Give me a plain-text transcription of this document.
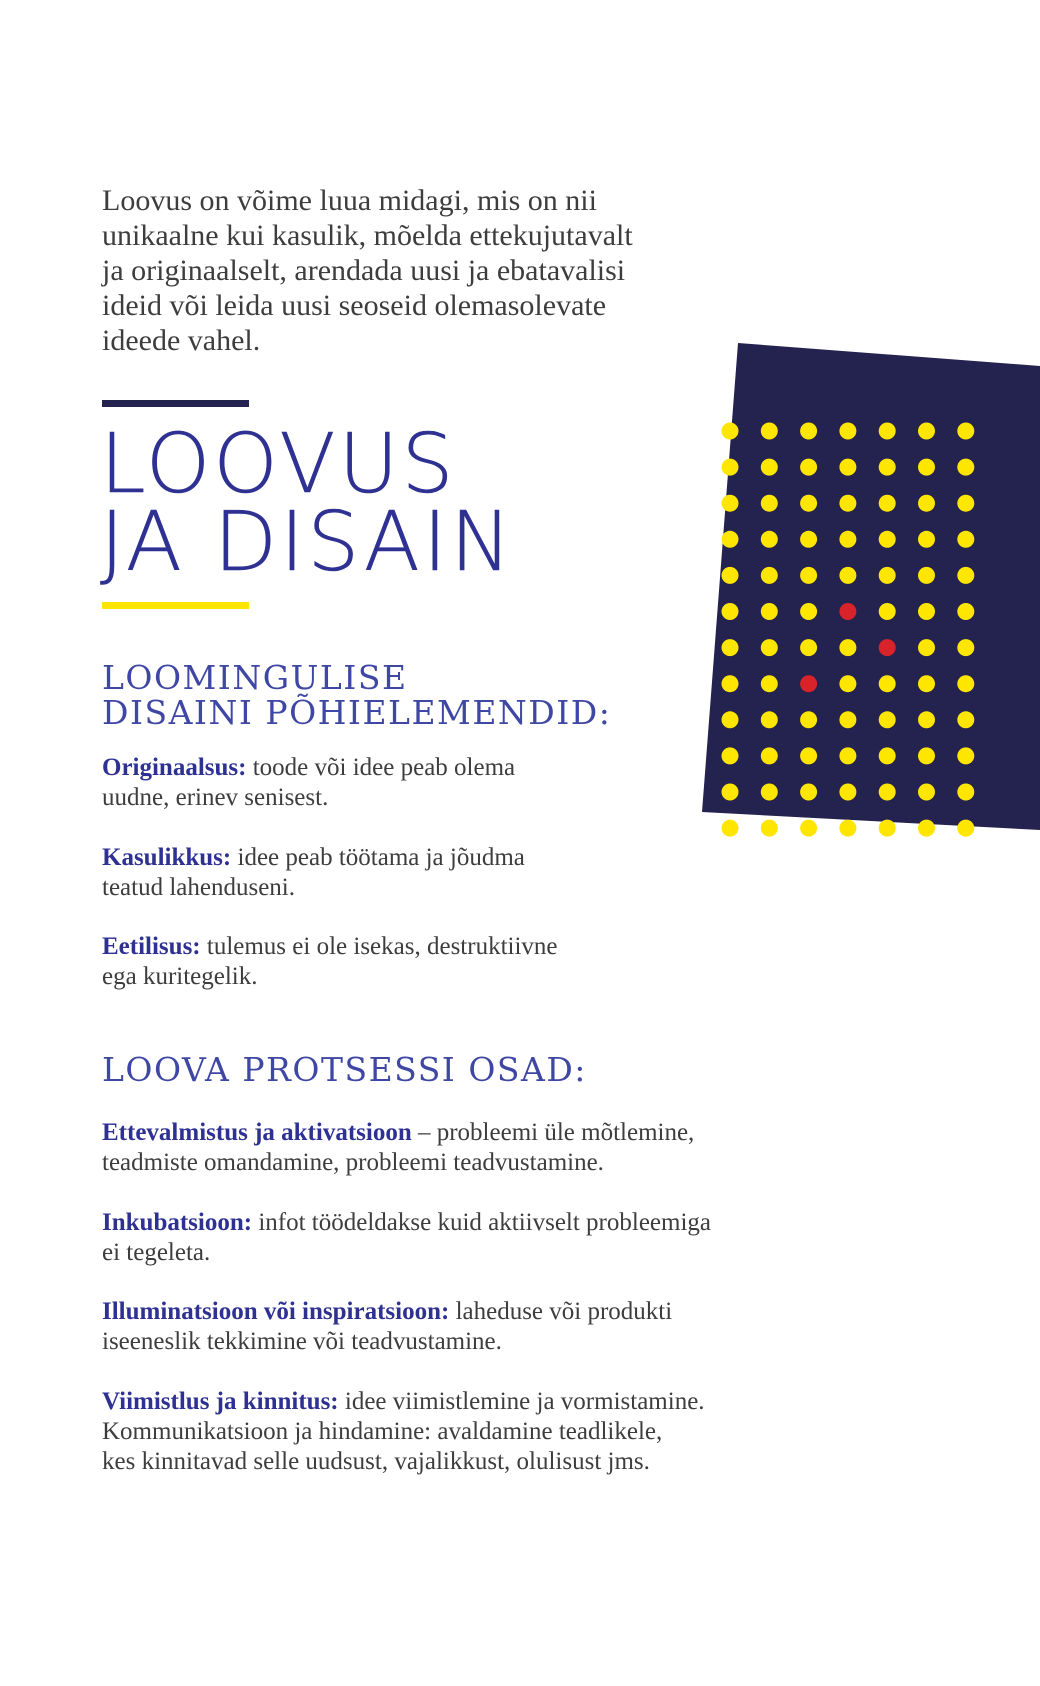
Loovus on võime luua midagi, mis on nii
unikaalne kui kasulik, mõelda ettekujutavalt
ja originaalselt, arendada uusi ja ebatavalisi
ideid või leida uusi seoseid olemasolevate
ideede vahel.

LOOVUS
JA DISAIN
LOOMINGULISE
DISAINI PÕHIELEMENDID:

Originaalsus: toode või idee peab olema
uudne, erinev senisest.

Kasulikkus: idee peab töötama ja jõudma
teatud lahenduseni.

Eetilisus: tulemus ei ole isekas, destruktiivne
ega kuritegelik.

LOOVA PROTSESSI OSAD:

Ettevalmistus ja aktivatsioon – probleemi üle mõtlemine,
teadmiste omandamine, probleemi teadvustamine.

Inkubatsioon: infot töödeldakse kuid aktiivselt probleemiga
ei tegeleta.

Illuminatsioon või inspiratsioon: laheduse või produkti
iseeneslik tekkimine või teadvustamine.

Viimistlus ja kinnitus: idee viimistlemine ja vormistamine.
Kommunikatsioon ja hindamine: avaldamine teadlikele,
kes kinnitavad selle uudsust, vajalikkust, olulisust jms.
